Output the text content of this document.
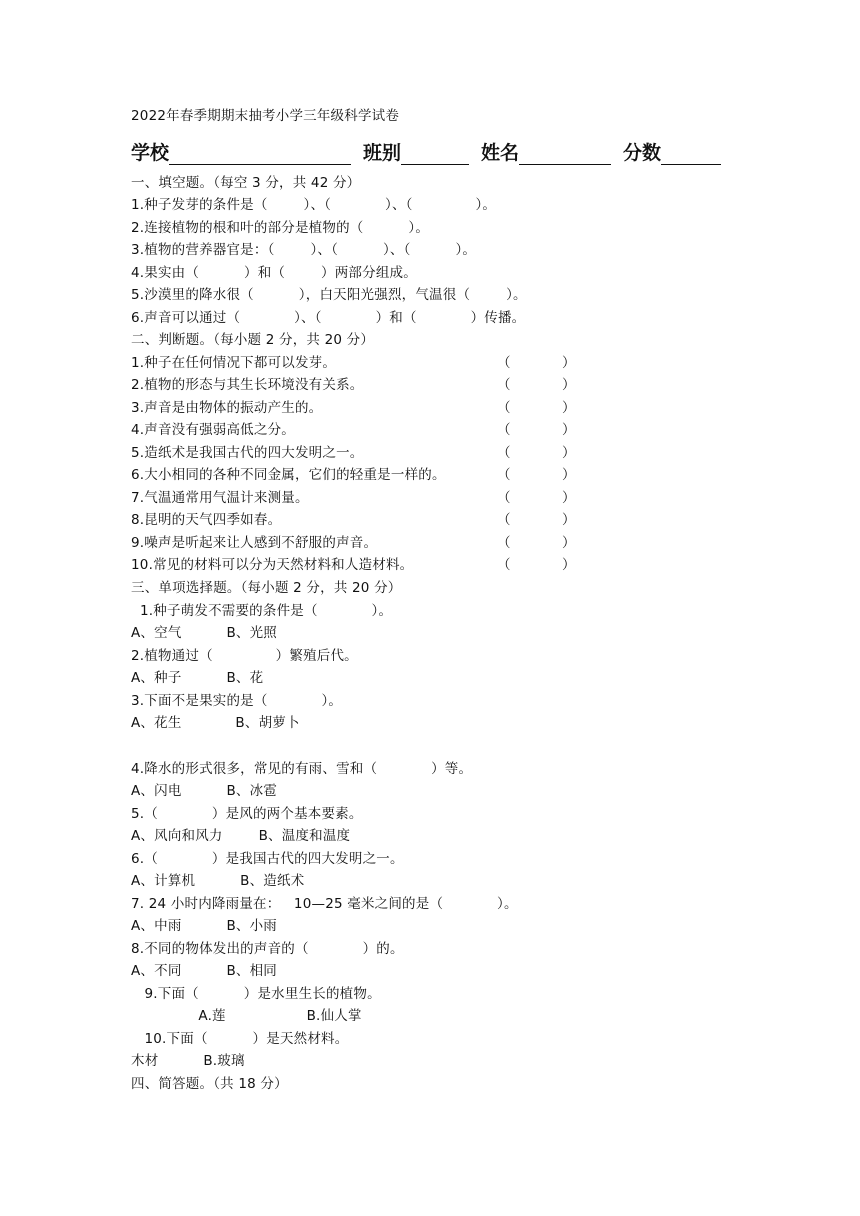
2022年春季期期末抽考小学三年级科学试卷
学校	班别	姓名	分数
一、填空题。（每空 3 分，共 42 分）
1.种子发芽的条件是（        ）、（            ）、（              ）。
2.连接植物的根和叶的部分是植物的（          ）。
3.植物的营养器官是：（        ）、（          ）、（          ）。
4.果实由（          ）和（        ）两部分组成。
5.沙漠里的降水很（          ），白天阳光强烈，气温很（        ）。
6.声音可以通过（            ）、（            ）和（            ）传播。
二、判断题。（每小题 2 分，共 20 分）
1.种子在任何情况下都可以发芽。	（            ）
2.植物的形态与其生长环境没有关系。	（            ）
3.声音是由物体的振动产生的。	（            ）
4.声音没有强弱高低之分。	（            ）
5.造纸术是我国古代的四大发明之一。	（            ）
6.大小相同的各种不同金属，它们的轻重是一样的。	（            ）
7.气温通常用气温计来测量。	（            ）
8.昆明的天气四季如春。	（            ）
9.噪声是听起来让人感到不舒服的声音。	（            ）
10.常见的材料可以分为天然材料和人造材料。	（            ）
三、单项选择题。（每小题 2 分，共 20 分）
1.种子萌发不需要的条件是（            ）。
A、空气          B、光照
2.植物通过（              ）繁殖后代。
A、种子          B、花
3.下面不是果实的是（            ）。
A、花生            B、胡萝卜
4.降水的形式很多，常见的有雨、雪和（            ）等。
A、闪电          B、冰雹
5.（            ）是风的两个基本要素。
A、风向和风力        B、温度和温度
6.（            ）是我国古代的四大发明之一。
A、计算机          B、造纸术
7. 24 小时内降雨量在：   10—25 毫米之间的是（            ）。
A、中雨          B、小雨
8.不同的物体发出的声音的（            ）的。
A、不同          B、相同
9.下面（          ）是水里生长的植物。
A.莲                  B.仙人掌
10.下面（          ）是天然材料。
木材          B.玻璃
四、简答题。（共 18 分）
